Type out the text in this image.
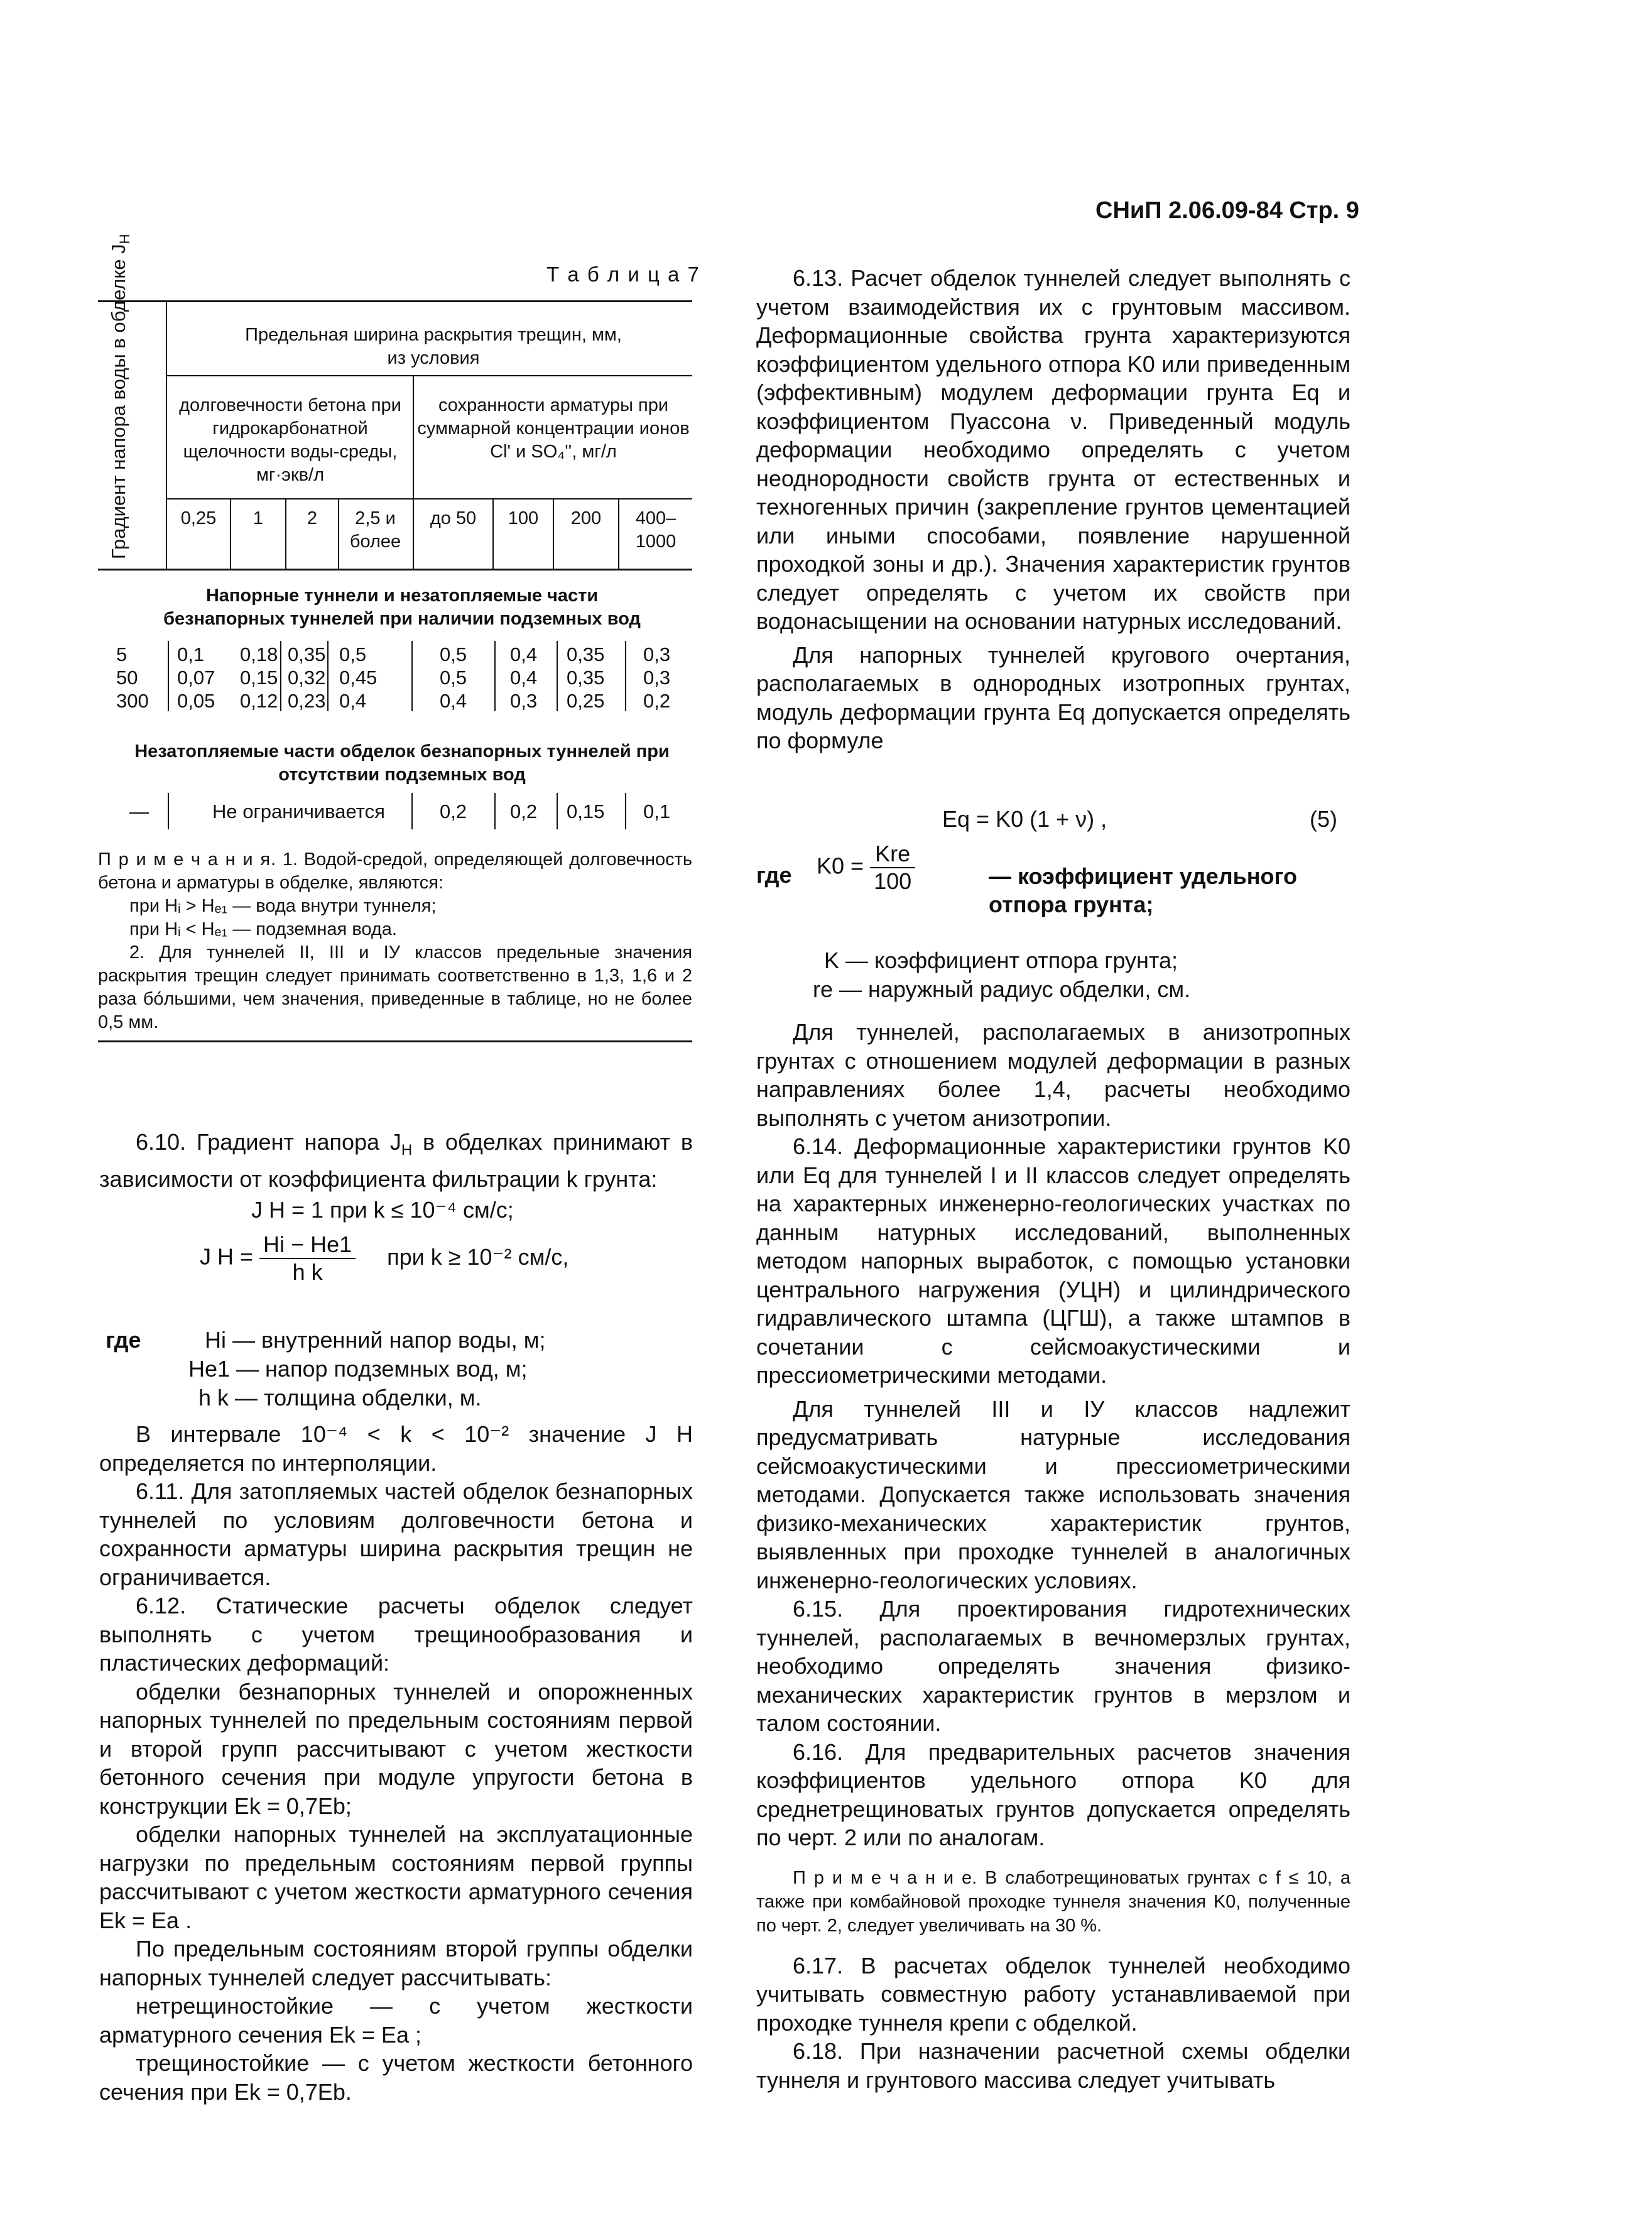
СНиП 2.06.09-84 Стр. 9
Т а б л и ц а 7
Градиент напора воды в обделке $J_H$
Предельная ширина раскрытия трещин, мм, из условия
долговечности бетона при гидрокарбонатной щелочности воды-среды, мг·экв/л
сохранности арматуры при суммарной концентрации ионов Cl' и SO₄'', мг/л
0,25	1	2	2,5 и более
до 50	100	200	400–1000
Напорные туннели и незатопляемые части безнапорных туннелей при наличии подземных вод
5	0,1 0,18 0,35 0,5	0,5 0,4 0,35 0,3
50 0,07 0,15 0,32 0,45	0,5 0,4 0,35 0,3
300 0,05 0,12 0,23 0,4	0,4 0,3 0,25 0,2
Незатопляемые части обделок безнапорных туннелей при отсутствии подземных вод
—	Не ограничивается	0,2 0,2 0,15 0,1
П р и м е ч а н и я. 1. Водой-средой, определяющей долговечность бетона и арматуры в обделке, являются:
при Hᵢ > Hₑ₁ — вода внутри туннеля;
при Hᵢ < Hₑ₁ — подземная вода.
2. Для туннелей II, III и IУ классов предельные значения раскрытия трещин следует принимать соответственно в 1,3, 1,6 и 2 раза бо́льшими, чем значения, приведенные в таблице, но не более 0,5 мм.

6.10. Градиент напора $J_H$ в обделках принимают в зависимости от коэффициента фильтрации k грунта:

J H = 1 при k ≤ 10⁻⁴ см/с;
J $H = \frac{Hi - He1}{\text{h k}}$ при k ≥ 10⁻² см/с,
где	Hi — внутренний напор воды, м;
He1 — напор подземных вод, м;
h k — толщина обделки, м.

В интервале 10⁻⁴ < k < 10⁻² значение J H определяется по интерполяции.

6.11. Для затопляемых частей обделок безнапорных туннелей по условиям долговечности бетона и сохранности арматуры ширина раскрытия трещин не ограничивается.

6.12. Статические расчеты обделок следует выполнять с учетом трещинообразования и пластических деформаций:

обделки безнапорных туннелей и опорожненных напорных туннелей по предельным состояниям первой и второй групп рассчитывают с учетом жесткости бетонного сечения при модуле упругости бетона в конструкции Ek = 0,7Eb;

обделки напорных туннелей на эксплуатационные нагрузки по предельным состояниям первой группы рассчитывают с учетом жесткости арматурного сечения Ek = Ea .

По предельным состояниям второй группы обделки напорных туннелей следует рассчитывать:

нетрещиностойкие — с учетом жесткости арматурного сечения Ek = Ea ;

трещиностойкие — с учетом жесткости бетонного сечения при Ek = 0,7Eb.

6.13. Расчет обделок туннелей следует выполнять с учетом взаимодействия их с грунтовым массивом. Деформационные свойства грунта характеризуются коэффициентом удельного отпора K0 или приведенным (эффективным) модулем деформации грунта Eq и коэффициентом Пуассона ν. Приведенный модуль деформации необходимо определять с учетом неоднородности свойств грунта от естественных и техногенных причин (закрепление грунтов цементацией или иными способами, появление нарушенной проходкой зоны и др.). Значения характеристик грунтов следует определять с учетом их свойств при водонасыщении на основании натурных исследований.

Для напорных туннелей кругового очертания, располагаемых в однородных изотропных грунтах, модуль деформации грунта Eq допускается определять по формуле

Eq = K0 (1 + ν) ,	(5)
где $K0 = \frac{\text{Kre}}{100}$	— коэффициент удельного отпора грунта;
K — коэффициент отпора грунта;
re — наружный радиус обделки, см.

Для туннелей, располагаемых в анизотропных грунтах с отношением модулей деформации в разных направлениях более 1,4, расчеты необходимо выполнять с учетом анизотропии.

6.14. Деформационные характеристики грунтов K0 или Eq для туннелей I и II классов следует определять на характерных инженерно-геологических участках по данным натурных исследований, выполненных методом напорных выработок, с помощью установки центрального нагружения (УЦН) и цилиндрического гидравлического штампа (ЦГШ), а также штампов в сочетании с сейсмоакустическими и прессиометрическими методами.

Для туннелей III и IУ классов надлежит предусматривать натурные исследования сейсмоакустическими и прессиометрическими методами. Допускается также использовать значения физико-механических характеристик грунтов, выявленных при проходке туннелей в аналогичных инженерно-геологических условиях.

6.15. Для проектирования гидротехнических туннелей, располагаемых в вечномерзлых грунтах, необходимо определять значения физико-механических характеристик грунтов в мерзлом и талом состоянии.

6.16. Для предварительных расчетов значения коэффициентов удельного отпора K0 для среднетрещиноватых грунтов допускается определять по черт. 2 или по аналогам.

П р и м е ч а н и е. В слаботрещиноватых грунтах с f ≤ 10, а также при комбайновой проходке туннеля значения K0, полученные по черт. 2, следует увеличивать на 30 %.

6.17. В расчетах обделок туннелей необходимо учитывать совместную работу устанавливаемой при проходке туннеля крепи с обделкой.

6.18. При назначении расчетной схемы обделки туннеля и грунтового массива следует учитывать
